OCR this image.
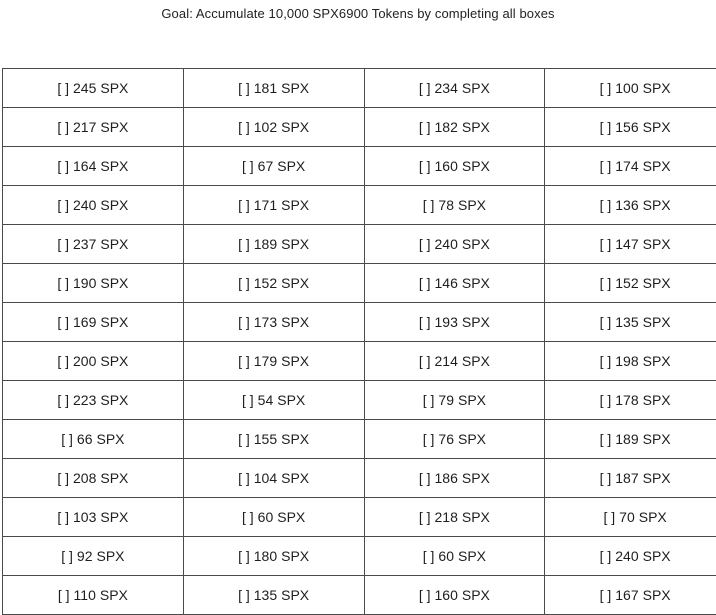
Goal: Accumulate 10,000 SPX6900 Tokens by completing all boxes
[ ] 245 SPX	[ ] 181 SPX	[ ] 234 SPX	[ ] 100 SPX

[ ] 217 SPX	[ ] 102 SPX	[ ] 182 SPX	[ ] 156 SPX

[ ] 164 SPX	[ ] 67 SPX	[ ] 160 SPX	[ ] 174 SPX

[ ] 240 SPX	[ ] 171 SPX	[ ] 78 SPX	[ ] 136 SPX

[ ] 237 SPX	[ ] 189 SPX	[ ] 240 SPX	[ ] 147 SPX

[ ] 190 SPX	[ ] 152 SPX	[ ] 146 SPX	[ ] 152 SPX

[ ] 169 SPX	[ ] 173 SPX	[ ] 193 SPX	[ ] 135 SPX

[ ] 200 SPX	[ ] 179 SPX	[ ] 214 SPX	[ ] 198 SPX

[ ] 223 SPX	[ ] 54 SPX	[ ] 79 SPX	[ ] 178 SPX

[ ] 66 SPX	[ ] 155 SPX	[ ] 76 SPX	[ ] 189 SPX

[ ] 208 SPX	[ ] 104 SPX	[ ] 186 SPX	[ ] 187 SPX

[ ] 103 SPX	[ ] 60 SPX	[ ] 218 SPX	[ ] 70 SPX

[ ] 92 SPX	[ ] 180 SPX	[ ] 60 SPX	[ ] 240 SPX

[ ] 110 SPX	[ ] 135 SPX	[ ] 160 SPX	[ ] 167 SPX
